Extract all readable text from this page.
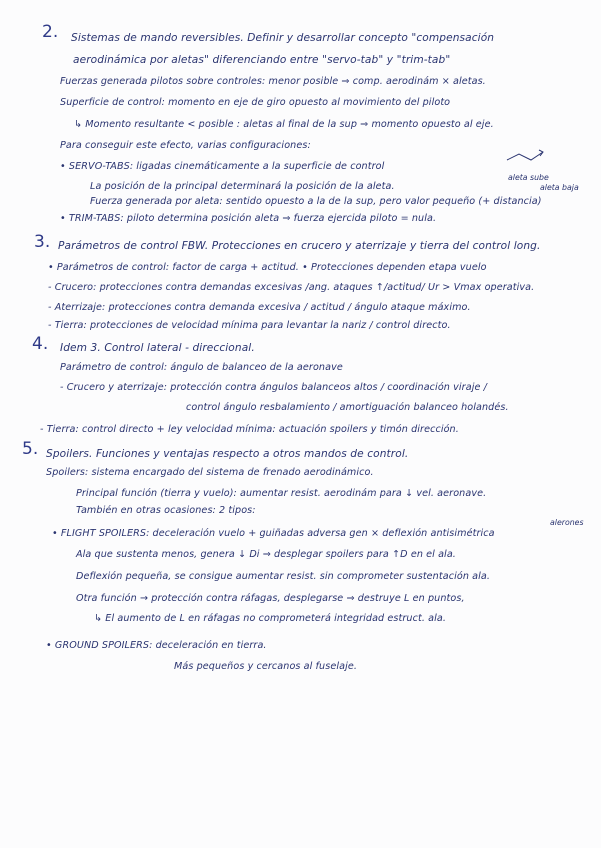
2. Sistemas de mando reversibles. Definir y desarrollar concepto "compensación
aerodinámica por aletas" diferenciando entre "servo-tab" y "trim-tab"
Fuerzas generada pilotos sobre controles: menor posible ⇒ comp. aerodinám × aletas.
Superficie de control: momento en eje de giro opuesto al movimiento del piloto
↳ Momento resultante < posible : aletas al final de la sup ⇒ momento opuesto al eje.
Para conseguir este efecto, varias configuraciones:
• SERVO-TABS: ligadas cinemáticamente a la superficie de control
La posición de la principal determinará la posición de la aleta.
Fuerza generada por aleta: sentido opuesto a la de la sup, pero valor pequeño (+ distancia)
• TRIM-TABS: piloto determina posición aleta ⇒ fuerza ejercida piloto = nula.
aleta sube
aleta baja
3. Parámetros de control FBW. Protecciones en crucero y aterrizaje y tierra del control long.
• Parámetros de control: factor de carga + actitud. • Protecciones dependen etapa vuelo
- Crucero: protecciones contra demandas excesivas /ang. ataques ↑/actitud/ Ur > Vmax operativa.
- Aterrizaje: protecciones contra demanda excesiva / actitud / ángulo ataque máximo.
- Tierra: protecciones de velocidad mínima para levantar la nariz / control directo.
4. Idem 3. Control lateral - direccional.
Parámetro de control: ángulo de balanceo de la aeronave
- Crucero y aterrizaje: protección contra ángulos balanceos altos / coordinación viraje /
control ángulo resbalamiento / amortiguación balanceo holandés.
- Tierra: control directo + ley velocidad mínima: actuación spoilers y timón dirección.
5. Spoilers. Funciones y ventajas respecto a otros mandos de control.
Spoilers: sistema encargado del sistema de frenado aerodinámico.
Principal función (tierra y vuelo): aumentar resist. aerodinám para ↓ vel. aeronave.
También en otras ocasiones: 2 tipos:
• FLIGHT SPOILERS: deceleración vuelo + guiñadas adversa gen × deflexión antisimétrica
Ala que sustenta menos, genera ↓ Di ⇒ desplegar spoilers para ↑D en el ala.
Deflexión pequeña, se consigue aumentar resist. sin comprometer sustentación ala.
Otra función → protección contra ráfagas, desplegarse ⇒ destruye L en puntos,
↳ El aumento de L en ráfagas no comprometerá integridad estruct. ala.
• GROUND SPOILERS: deceleración en tierra.
Más pequeños y cercanos al fuselaje.
alerones
